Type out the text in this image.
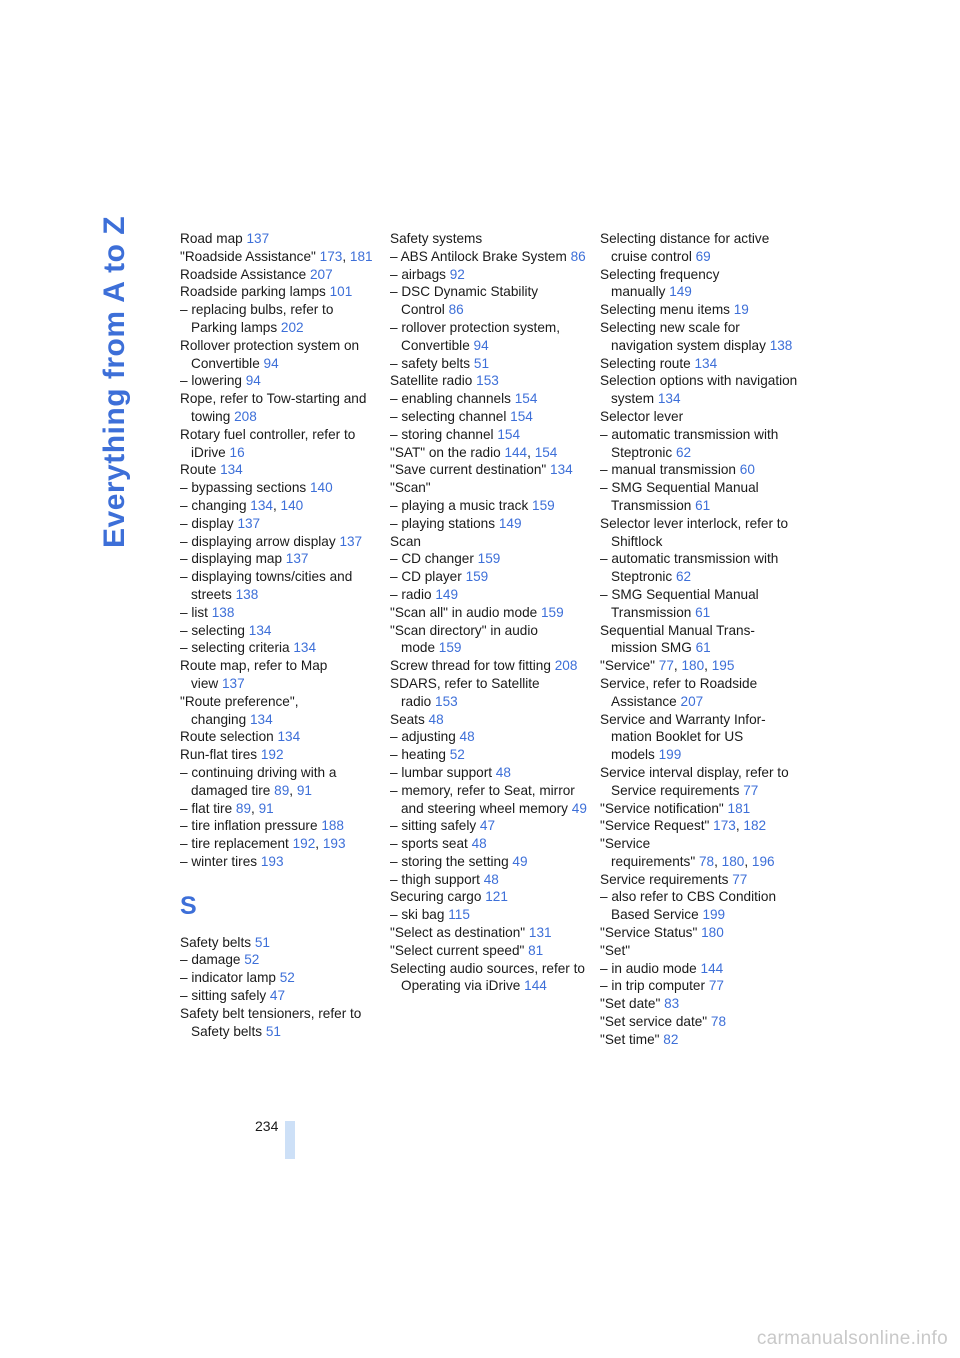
Everything from A to Z	Road map 137
"Roadside Assistance" 173, 181
Roadside Assistance 207
Roadside parking lamps 101
– replacing bulbs, refer to Parking lamps 202
Rollover protection system on Convertible 94
– lowering 94
Rope, refer to Tow-starting and towing 208
Rotary fuel controller, refer to iDrive 16
Route 134
– bypassing sections 140
– changing 134, 140
– display 137
– displaying arrow display 137
– displaying map 137
– displaying towns/cities and streets 138
– list 138
– selecting 134
– selecting criteria 134
Route map, refer to Map view 137
"Route preference", changing 134
Route selection 134
Run-flat tires 192
– continuing driving with a damaged tire 89, 91
– flat tire 89, 91
– tire inflation pressure 188
– tire replacement 192, 193
– winter tires 193
S
Safety belts 51
– damage 52
– indicator lamp 52
– sitting safely 47
Safety belt tensioners, refer to Safety belts 51
Safety systems
– ABS Antilock Brake System 86
– airbags 92
– DSC Dynamic Stability Control 86
– rollover protection system, Convertible 94
– safety belts 51
Satellite radio 153
– enabling channels 154
– selecting channel 154
– storing channel 154
"SAT" on the radio 144, 154
"Save current destination" 134
"Scan"
– playing a music track 159
– playing stations 149
Scan
– CD changer 159
– CD player 159
– radio 149
"Scan all" in audio mode 159
"Scan directory" in audio mode 159
Screw thread for tow fitting 208
SDARS, refer to Satellite radio 153
Seats 48
– adjusting 48
– heating 52
– lumbar support 48
– memory, refer to Seat, mirror and steering wheel memory 49
– sitting safely 47
– sports seat 48
– storing the setting 49
– thigh support 48
Securing cargo 121
– ski bag 115
"Select as destination" 131
"Select current speed" 81
Selecting audio sources, refer to Operating via iDrive 144
Selecting distance for active cruise control 69
Selecting frequency manually 149
Selecting menu items 19
Selecting new scale for navigation system display 138
Selecting route 134
Selection options with navigation system 134
Selector lever
– automatic transmission with Steptronic 62
– manual transmission 60
– SMG Sequential Manual Transmission 61
Selector lever interlock, refer to Shiftlock
– automatic transmission with Steptronic 62
– SMG Sequential Manual Transmission 61
Sequential Manual Trans-mission SMG 61
"Service" 77, 180, 195
Service, refer to Roadside Assistance 207
Service and Warranty Infor-mation Booklet for US models 199
Service interval display, refer to Service requirements 77
"Service notification" 181
"Service Request" 173, 182
"Service requirements" 78, 180, 196
Service requirements 77
– also refer to CBS Condition Based Service 199
"Service Status" 180
"Set"
– in audio mode 144
– in trip computer 77
"Set date" 83
"Set service date" 78
"Set time" 82
234
carmanualsonline.info
